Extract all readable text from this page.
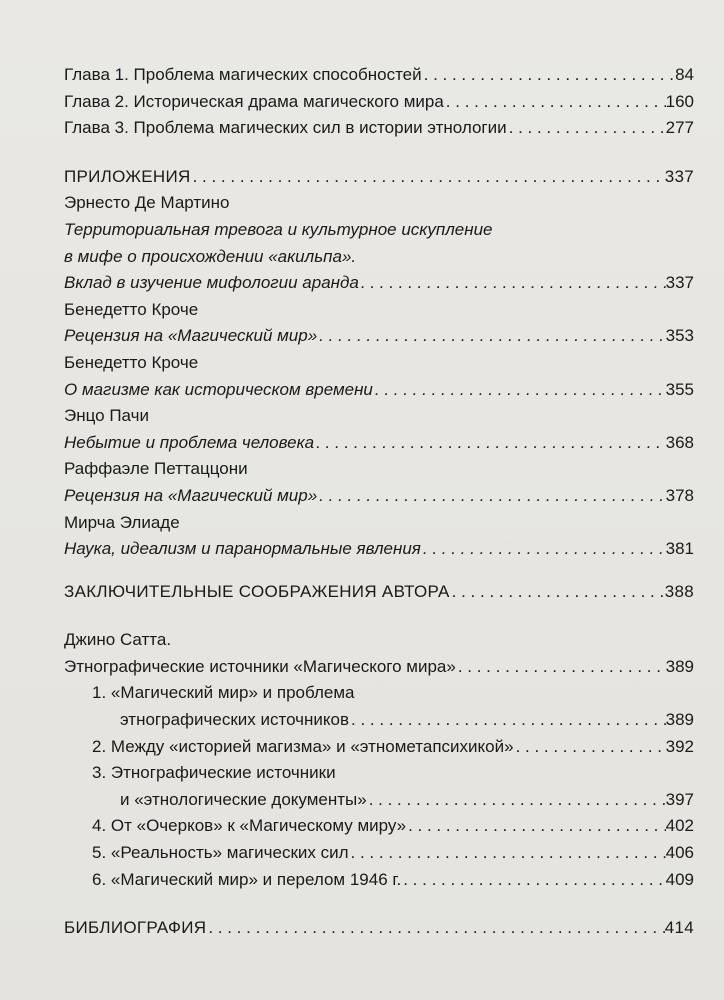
Глава 1. Проблема магических способностей . . .	84
Глава 2. Историческая драма магического мира . . .	160
Глава 3. Проблема магических сил в истории этнологии . . .	277
ПРИЛОЖЕНИЯ . . .	337
Эрнесто Де Мартино
Территориальная тревога и культурное искупление
в мифе о происхождении «акильпа».
Вклад в изучение мифологии аранда . . .	337
Бенедетто Кроче
Рецензия на «Магический мир» . . .	353
Бенедетто Кроче
О магизме как историческом времени . . .	355
Энцо Пачи
Небытие и проблема человека . . .	368
Раффаэле Петтаццони
Рецензия на «Магический мир» . . .	378
Мирча Элиаде
Наука, идеализм и паранормальные явления . . .	381
ЗАКЛЮЧИТЕЛЬНЫЕ СООБРАЖЕНИЯ АВТОРА . . .	388
Джино Сатта.
Этнографические источники «Магического мира» . . .	389
1. «Магический мир» и проблема
этнографических источников . . .	389
2. Между «историей магизма» и «этнометапсихикой» . . .	392
3. Этнографические источники
и «этнологические документы» . . .	397
4. От «Очерков» к «Магическому миру» . . .	402
5. «Реальность» магических сил . . .	406
6. «Магический мир» и перелом 1946 г. . . .	409
БИБЛИОГРАФИЯ . . .	414
